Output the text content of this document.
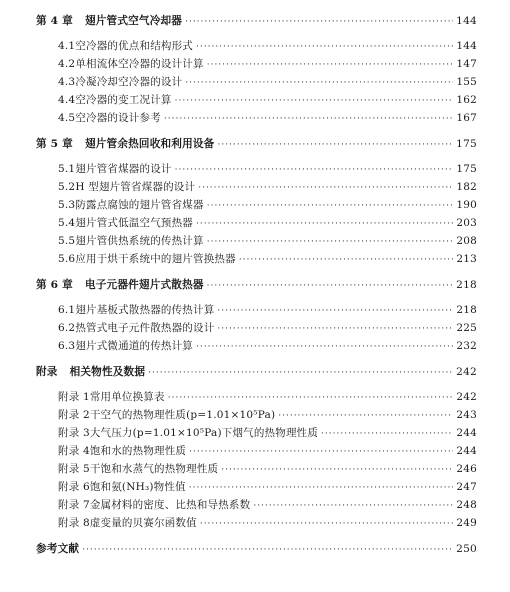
第 4 章 翅片管式空气冷却器 ·····	144
4.1 空冷器的优点和结构形式 ·····	144
4.2 单相流体空冷器的设计计算 ·····	147
4.3 冷凝冷却空冷器的设计 ·····	155
4.4 空冷器的变工况计算 ·····	162
4.5 空冷器的设计参考 ·····	167
第 5 章 翅片管余热回收和利用设备 ·····	175
5.1 翅片管省煤器的设计 ·····	175
5.2 H 型翅片管省煤器的设计 ·····	182
5.3 防露点腐蚀的翅片管省煤器 ·····	190
5.4 翅片管式低温空气预热器 ·····	203
5.5 翅片管供热系统的传热计算 ·····	208
5.6 应用于烘干系统中的翅片管换热器 ·····	213
第 6 章 电子元器件翅片式散热器 ·····	218
6.1 翅片基板式散热器的传热计算 ·····	218
6.2 热管式电子元件散热器的设计 ·····	225
6.3 翅片式微通道的传热计算 ·····	232
附录 相关物性及数据 ·····	242
附录 1 常用单位换算表 ·····	242
附录 2 干空气的热物理性质(p=1.01×10⁵Pa) ·····	243
附录 3 大气压力(p=1.01×10⁵Pa)下烟气的热物理性质 ·····	244
附录 4 饱和水的热物理性质 ·····	244
附录 5 干饱和水蒸气的热物理性质 ·····	246
附录 6 饱和氨(NH₃)物性值 ·····	247
附录 7 金属材料的密度、比热和导热系数 ·····	248
附录 8 虚变量的贝赛尔函数值 ·····	249
参考文献 ·····	250
